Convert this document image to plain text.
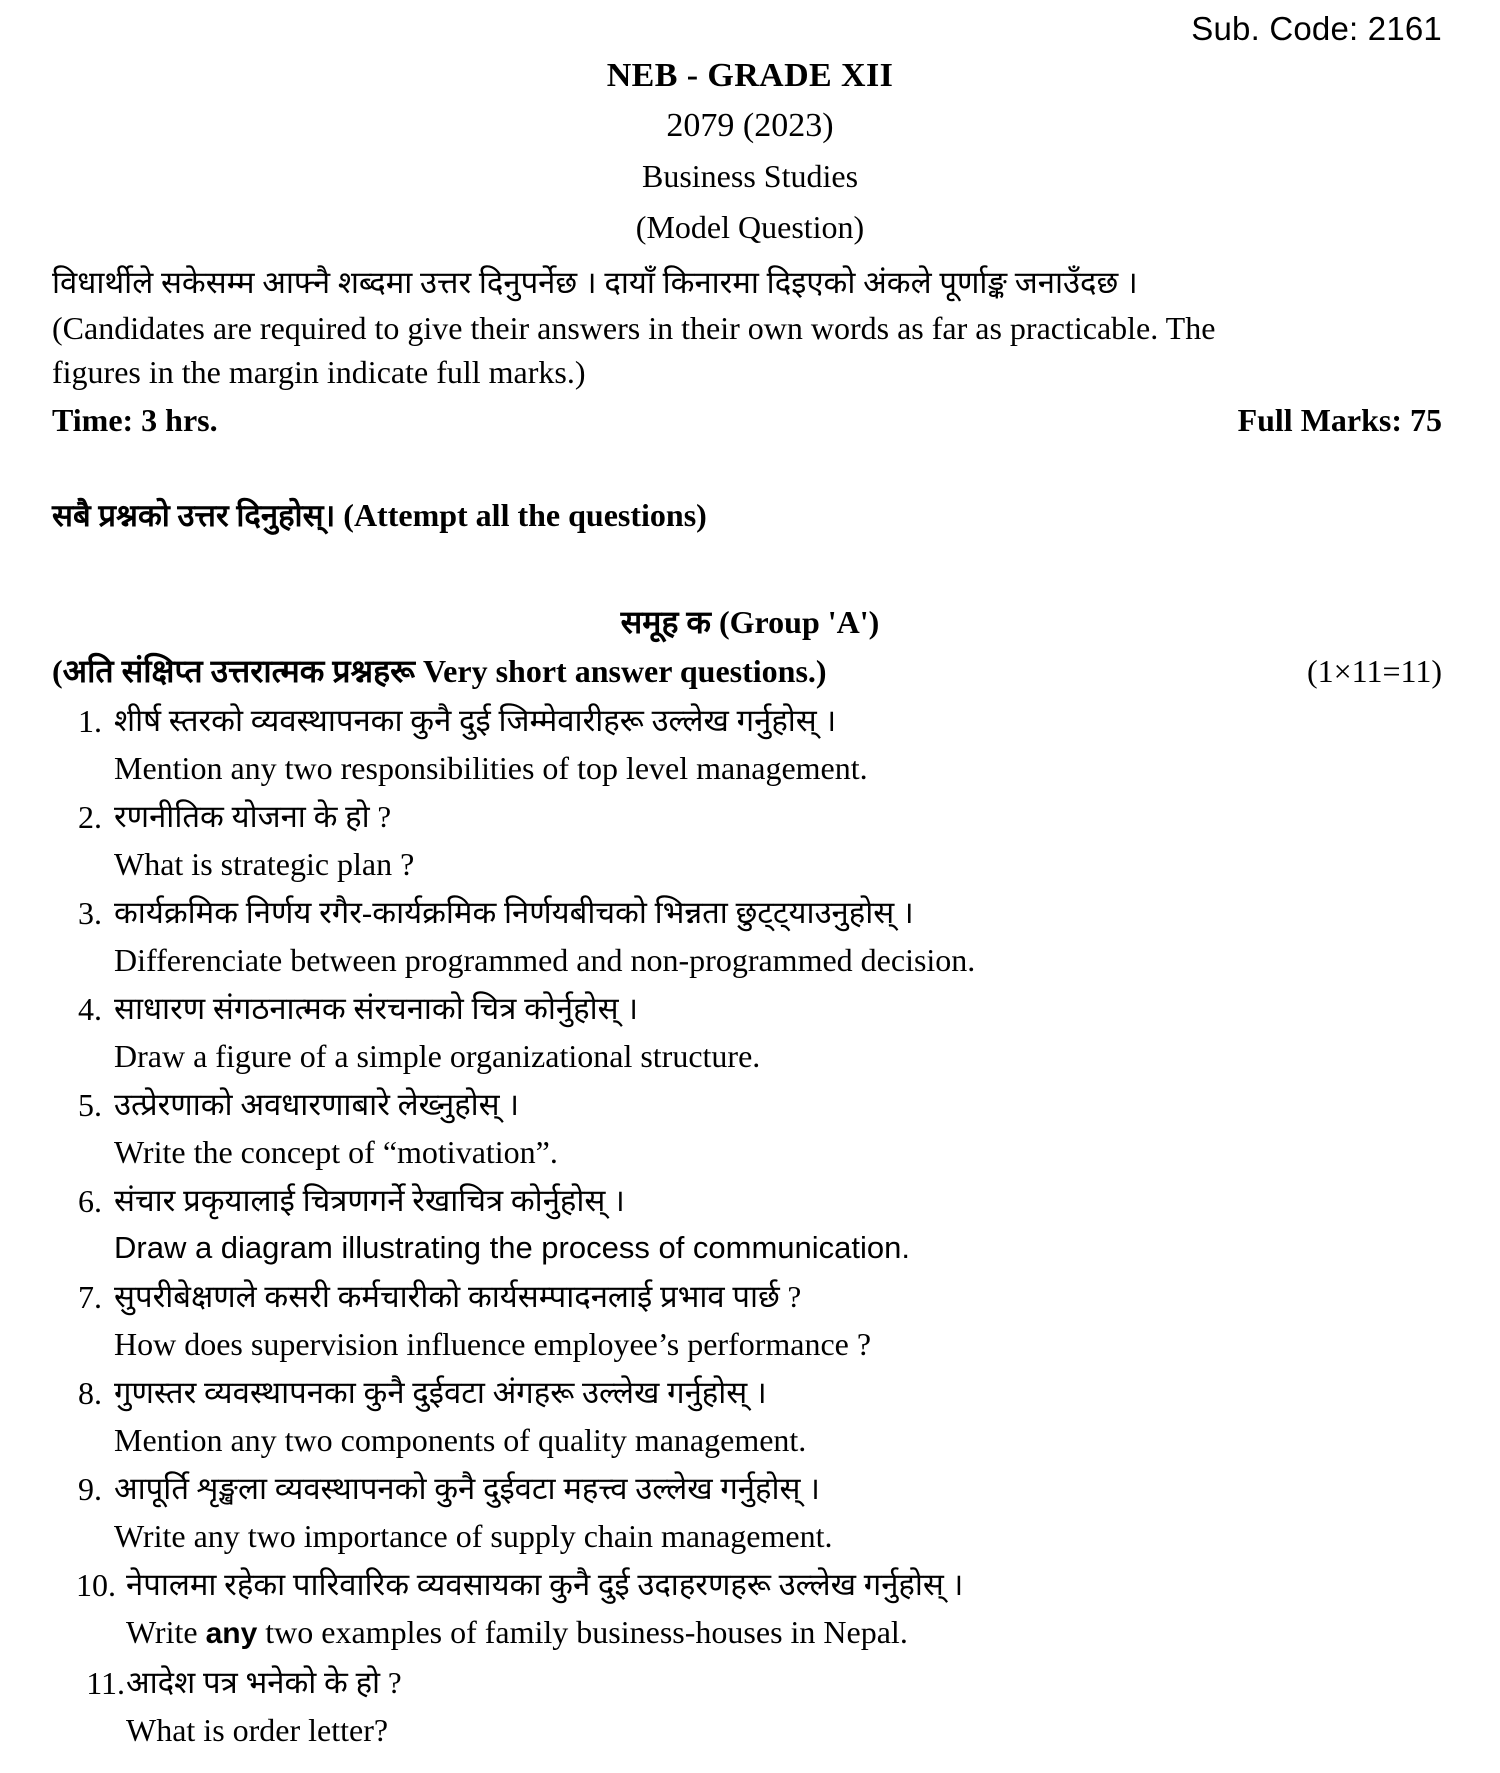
Sub. Code: 2161
NEB - GRADE XII
2079 (2023)
Business Studies
(Model Question)
विधार्थीले सकेसम्म आफ्नै शब्दमा उत्तर दिनुपर्नेछ । दायाँ किनारमा दिइएको अंकले पूर्णाङ्क जनाउँदछ ।
(Candidates are required to give their answers in their own words as far as practicable. The
figures in the margin indicate full marks.)
Time: 3 hrs.	Full Marks: 75
सबै प्रश्नको उत्तर दिनुहोस्। (Attempt all the questions)
समूह क (Group 'A')
(अति संक्षिप्त उत्तरात्मक प्रश्नहरू Very short answer questions.)	(1×11=11)
1. शीर्ष स्तरको व्यवस्थापनका कुनै दुई जिम्मेवारीहरू उल्लेख गर्नुहोस् ।
Mention any two responsibilities of top level management.
2. रणनीतिक योजना के हो ?
What is strategic plan ?
3. कार्यक्रमिक निर्णय रगैर-कार्यक्रमिक निर्णयबीचको भिन्नता छुट्ट्याउनुहोस् ।
Differenciate between programmed and non-programmed decision.
4. साधारण संगठनात्मक संरचनाको चित्र कोर्नुहोस् ।
Draw a figure of a simple organizational structure.
5. उत्प्रेरणाको अवधारणाबारे लेख्नुहोस् ।
Write the concept of “motivation”.
6. संचार प्रकृयालाई चित्रणगर्ने रेखाचित्र कोर्नुहोस् ।
Draw a diagram illustrating the process of communication.
7. सुपरीबेक्षणले कसरी कर्मचारीको कार्यसम्पादनलाई प्रभाव पार्छ ?
How does supervision influence employee’s performance ?
8. गुणस्तर व्यवस्थापनका कुनै दुईवटा अंगहरू उल्लेख गर्नुहोस् ।
Mention any two components of quality management.
9. आपूर्ति शृङ्खला व्यवस्थापनको कुनै दुईवटा महत्त्व उल्लेख गर्नुहोस् ।
Write any two importance of supply chain management.
10. नेपालमा रहेका पारिवारिक व्यवसायका कुनै दुई उदाहरणहरू उल्लेख गर्नुहोस् ।
Write any two examples of family business-houses in Nepal.
11. आदेश पत्र भनेको के हो ?
What is order letter?
